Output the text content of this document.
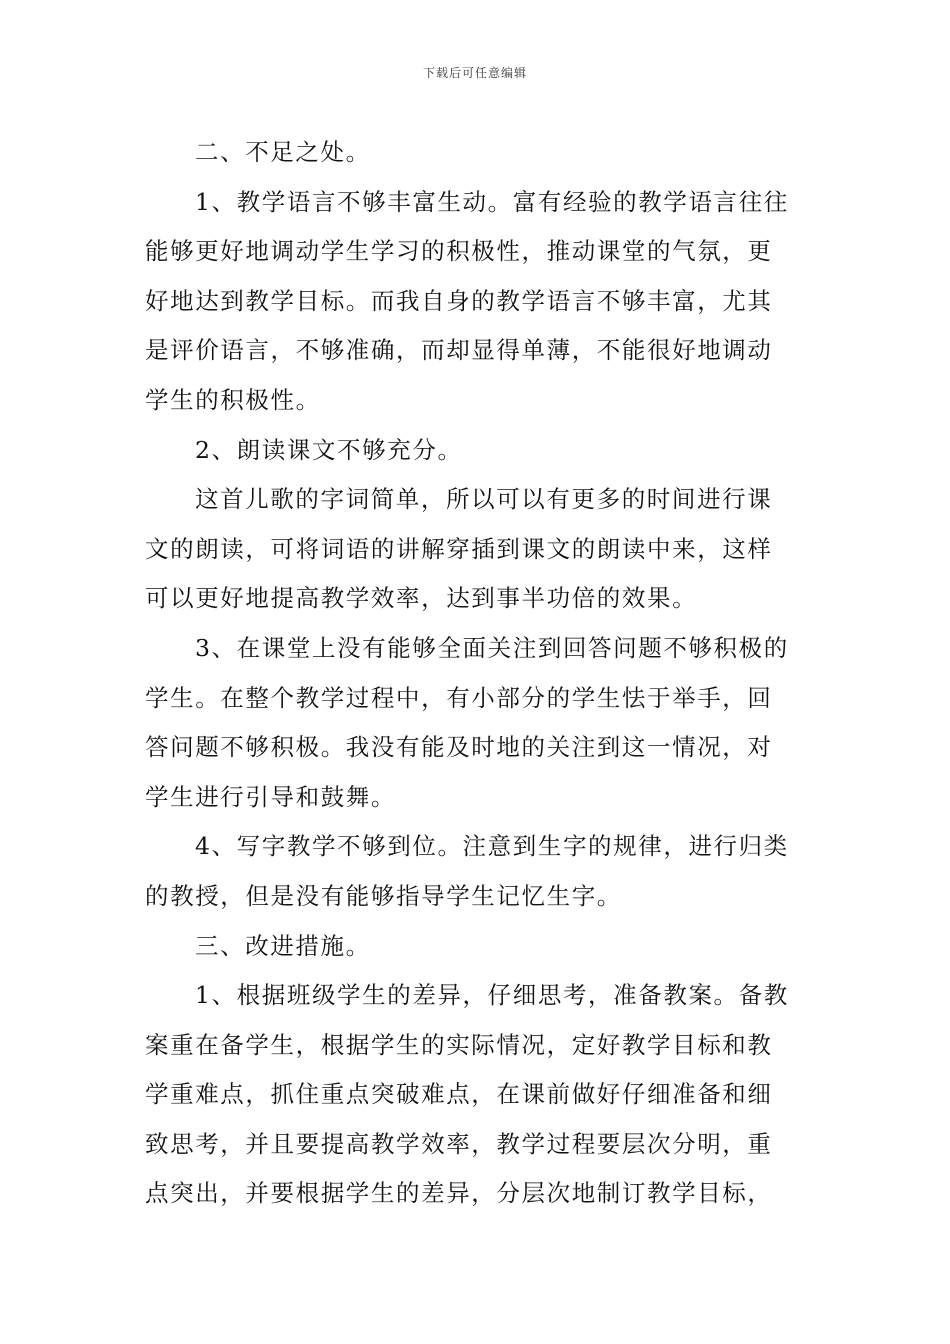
下载后可任意编辑
二、不足之处。
1、教学语言不够丰富生动。富有经验的教学语言往往
能够更好地调动学生学习的积极性，推动课堂的气氛，更
好地达到教学目标。而我自身的教学语言不够丰富，尤其
是评价语言，不够准确，而却显得单薄，不能很好地调动
学生的积极性。
2、朗读课文不够充分。
这首儿歌的字词简单，所以可以有更多的时间进行课
文的朗读，可将词语的讲解穿插到课文的朗读中来，这样
可以更好地提高教学效率，达到事半功倍的效果。
3、在课堂上没有能够全面关注到回答问题不够积极的
学生。在整个教学过程中，有小部分的学生怯于举手，回
答问题不够积极。我没有能及时地的关注到这一情况，对
学生进行引导和鼓舞。
4、写字教学不够到位。注意到生字的规律，进行归类
的教授，但是没有能够指导学生记忆生字。
三、改进措施。
1、根据班级学生的差异，仔细思考，准备教案。备教
案重在备学生，根据学生的实际情况，定好教学目标和教
学重难点，抓住重点突破难点，在课前做好仔细准备和细
致思考，并且要提高教学效率，教学过程要层次分明，重
点突出，并要根据学生的差异，分层次地制订教学目标，
